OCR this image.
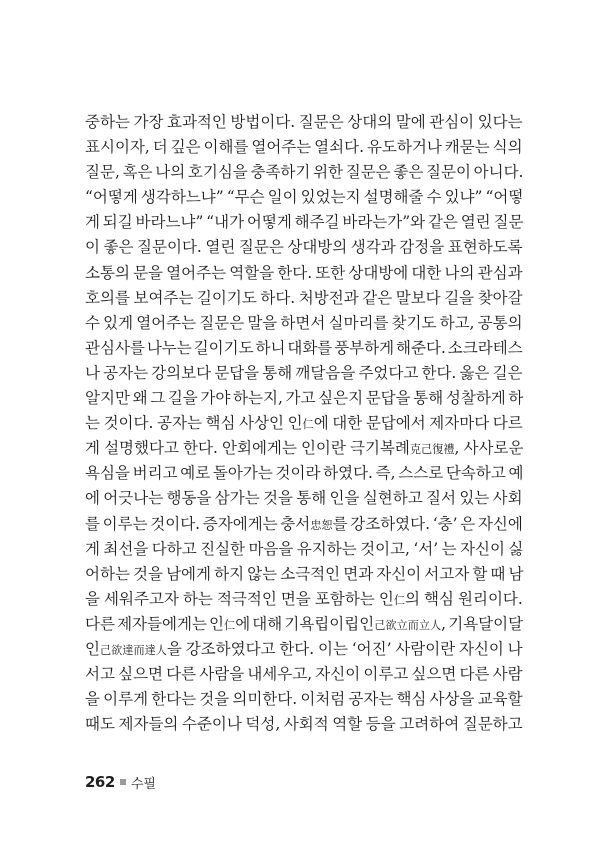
중하는 가장 효과적인 방법이다. 질문은 상대의 말에 관심이 있다는
표시이자, 더 깊은 이해를 열어주는 열쇠다. 유도하거나 캐묻는 식의
질문, 혹은 나의 호기심을 충족하기 위한 질문은 좋은 질문이 아니다.
“어떻게 생각하느냐” “무슨 일이 있었는지 설명해줄 수 있냐” “어떻
게 되길 바라느냐” “내가 어떻게 해주길 바라는가”와 같은 열린 질문
이 좋은 질문이다. 열린 질문은 상대방의 생각과 감정을 표현하도록
소통의 문을 열어주는 역할을 한다. 또한 상대방에 대한 나의 관심과
호의를 보여주는 길이기도 하다. 처방전과 같은 말보다 길을 찾아갈
수 있게 열어주는 질문은 말을 하면서 실마리를 찾기도 하고, 공통의
관심사를 나누는 길이기도 하니 대화를 풍부하게 해준다. 소크라테스
나 공자는 강의보다 문답을 통해 깨달음을 주었다고 한다. 옳은 길은
알지만 왜 그 길을 가야 하는지, 가고 싶은지 문답을 통해 성찰하게 하
는 것이다. 공자는 핵심 사상인 인仁에 대한 문답에서 제자마다 다르
게 설명했다고 한다. 안회에게는 인이란 극기복례克己復禮, 사사로운
욕심을 버리고 예로 돌아가는 것이라 하였다. 즉, 스스로 단속하고 예
에 어긋나는 행동을 삼가는 것을 통해 인을 실현하고 질서 있는 사회
를 이루는 것이다. 증자에게는 충서忠恕를 강조하였다. ‘충’ 은 자신에
게 최선을 다하고 진실한 마음을 유지하는 것이고, ‘서’ 는 자신이 싫
어하는 것을 남에게 하지 않는 소극적인 면과 자신이 서고자 할 때 남
을 세워주고자 하는 적극적인 면을 포함하는 인仁의 핵심 원리이다.
다른 제자들에게는 인仁에 대해 기욕립이립인己欲立而立人, 기욕달이달
인己欲達而達人을 강조하였다고 한다. 이는 ‘어진’ 사람이란 자신이 나
서고 싶으면 다른 사람을 내세우고, 자신이 이루고 싶으면 다른 사람
을 이루게 한다는 것을 의미한다. 이처럼 공자는 핵심 사상을 교육할
때도 제자들의 수준이나 덕성, 사회적 역할 등을 고려하여 질문하고
262 수필
